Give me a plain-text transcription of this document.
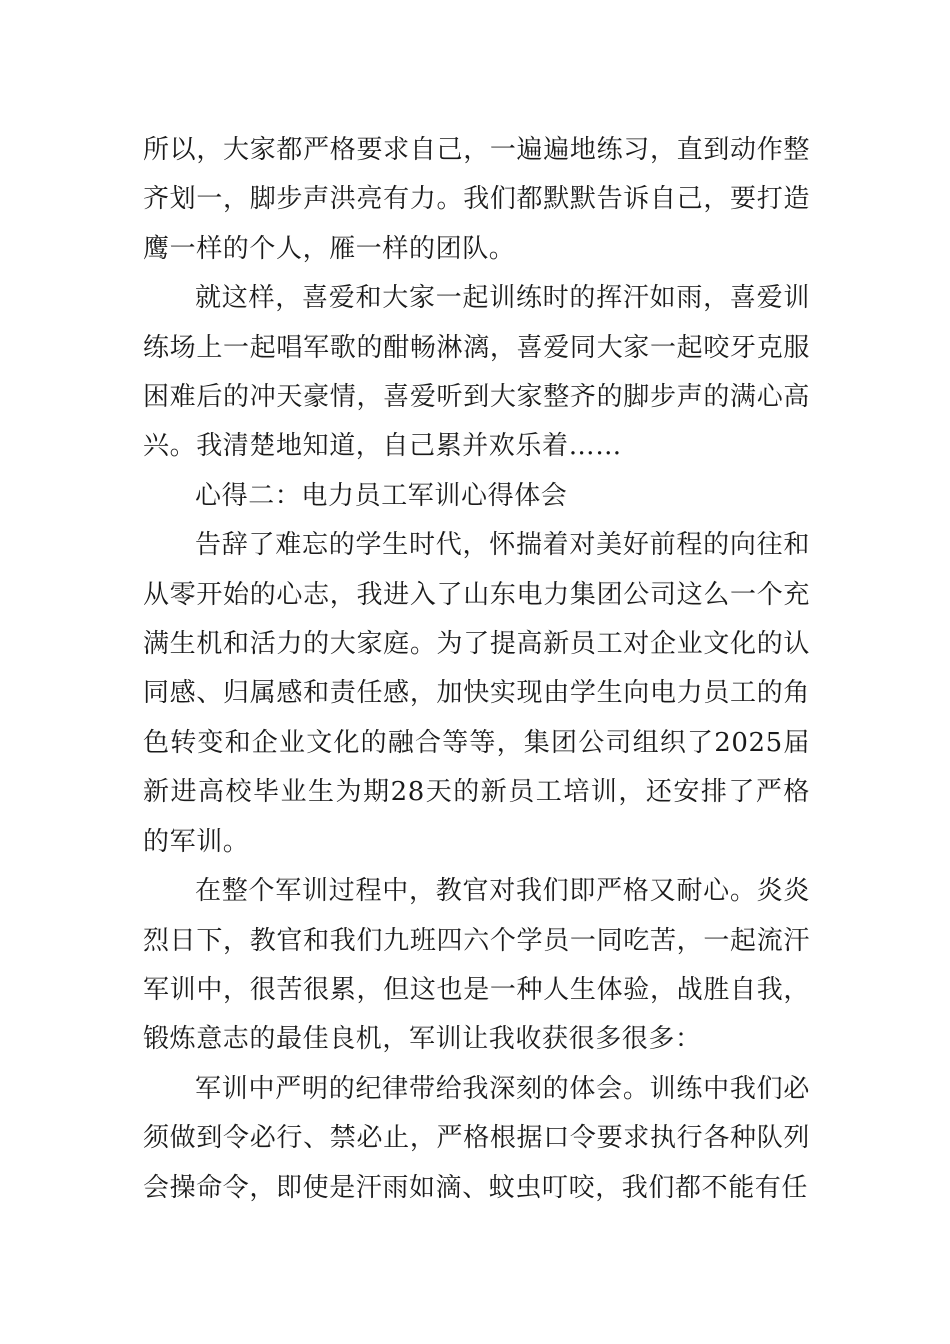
所以，大家都严格要求自己，一遍遍地练习，直到动作整齐划一，脚步声洪亮有力。我们都默默告诉自己，要打造鹰一样的个人，雁一样的团队。

就这样，喜爱和大家一起训练时的挥汗如雨，喜爱训练场上一起唱军歌的酣畅淋漓，喜爱同大家一起咬牙克服困难后的冲天豪情，喜爱听到大家整齐的脚步声的满心高兴。我清楚地知道，自己累并欢乐着……

心得二：电力员工军训心得体会

告辞了难忘的学生时代，怀揣着对美好前程的向往和从零开始的心志，我进入了山东电力集团公司这么一个充满生机和活力的大家庭。为了提高新员工对企业文化的认同感、归属感和责任感，加快实现由学生向电力员工的角色转变和企业文化的融合等等，集团公司组织了2025届新进高校毕业生为期28天的新员工培训，还安排了严格的军训。

在整个军训过程中，教官对我们即严格又耐心。炎炎烈日下，教官和我们九班四六个学员一同吃苦，一起流汗军训中，很苦很累，但这也是一种人生体验，战胜自我，锻炼意志的最佳良机，军训让我收获很多很多：

军训中严明的纪律带给我深刻的体会。训练中我们必须做到令必行、禁必止，严格根据口令要求执行各种队列会操命令，即使是汗雨如滴、蚊虫叮咬，我们都不能有任
